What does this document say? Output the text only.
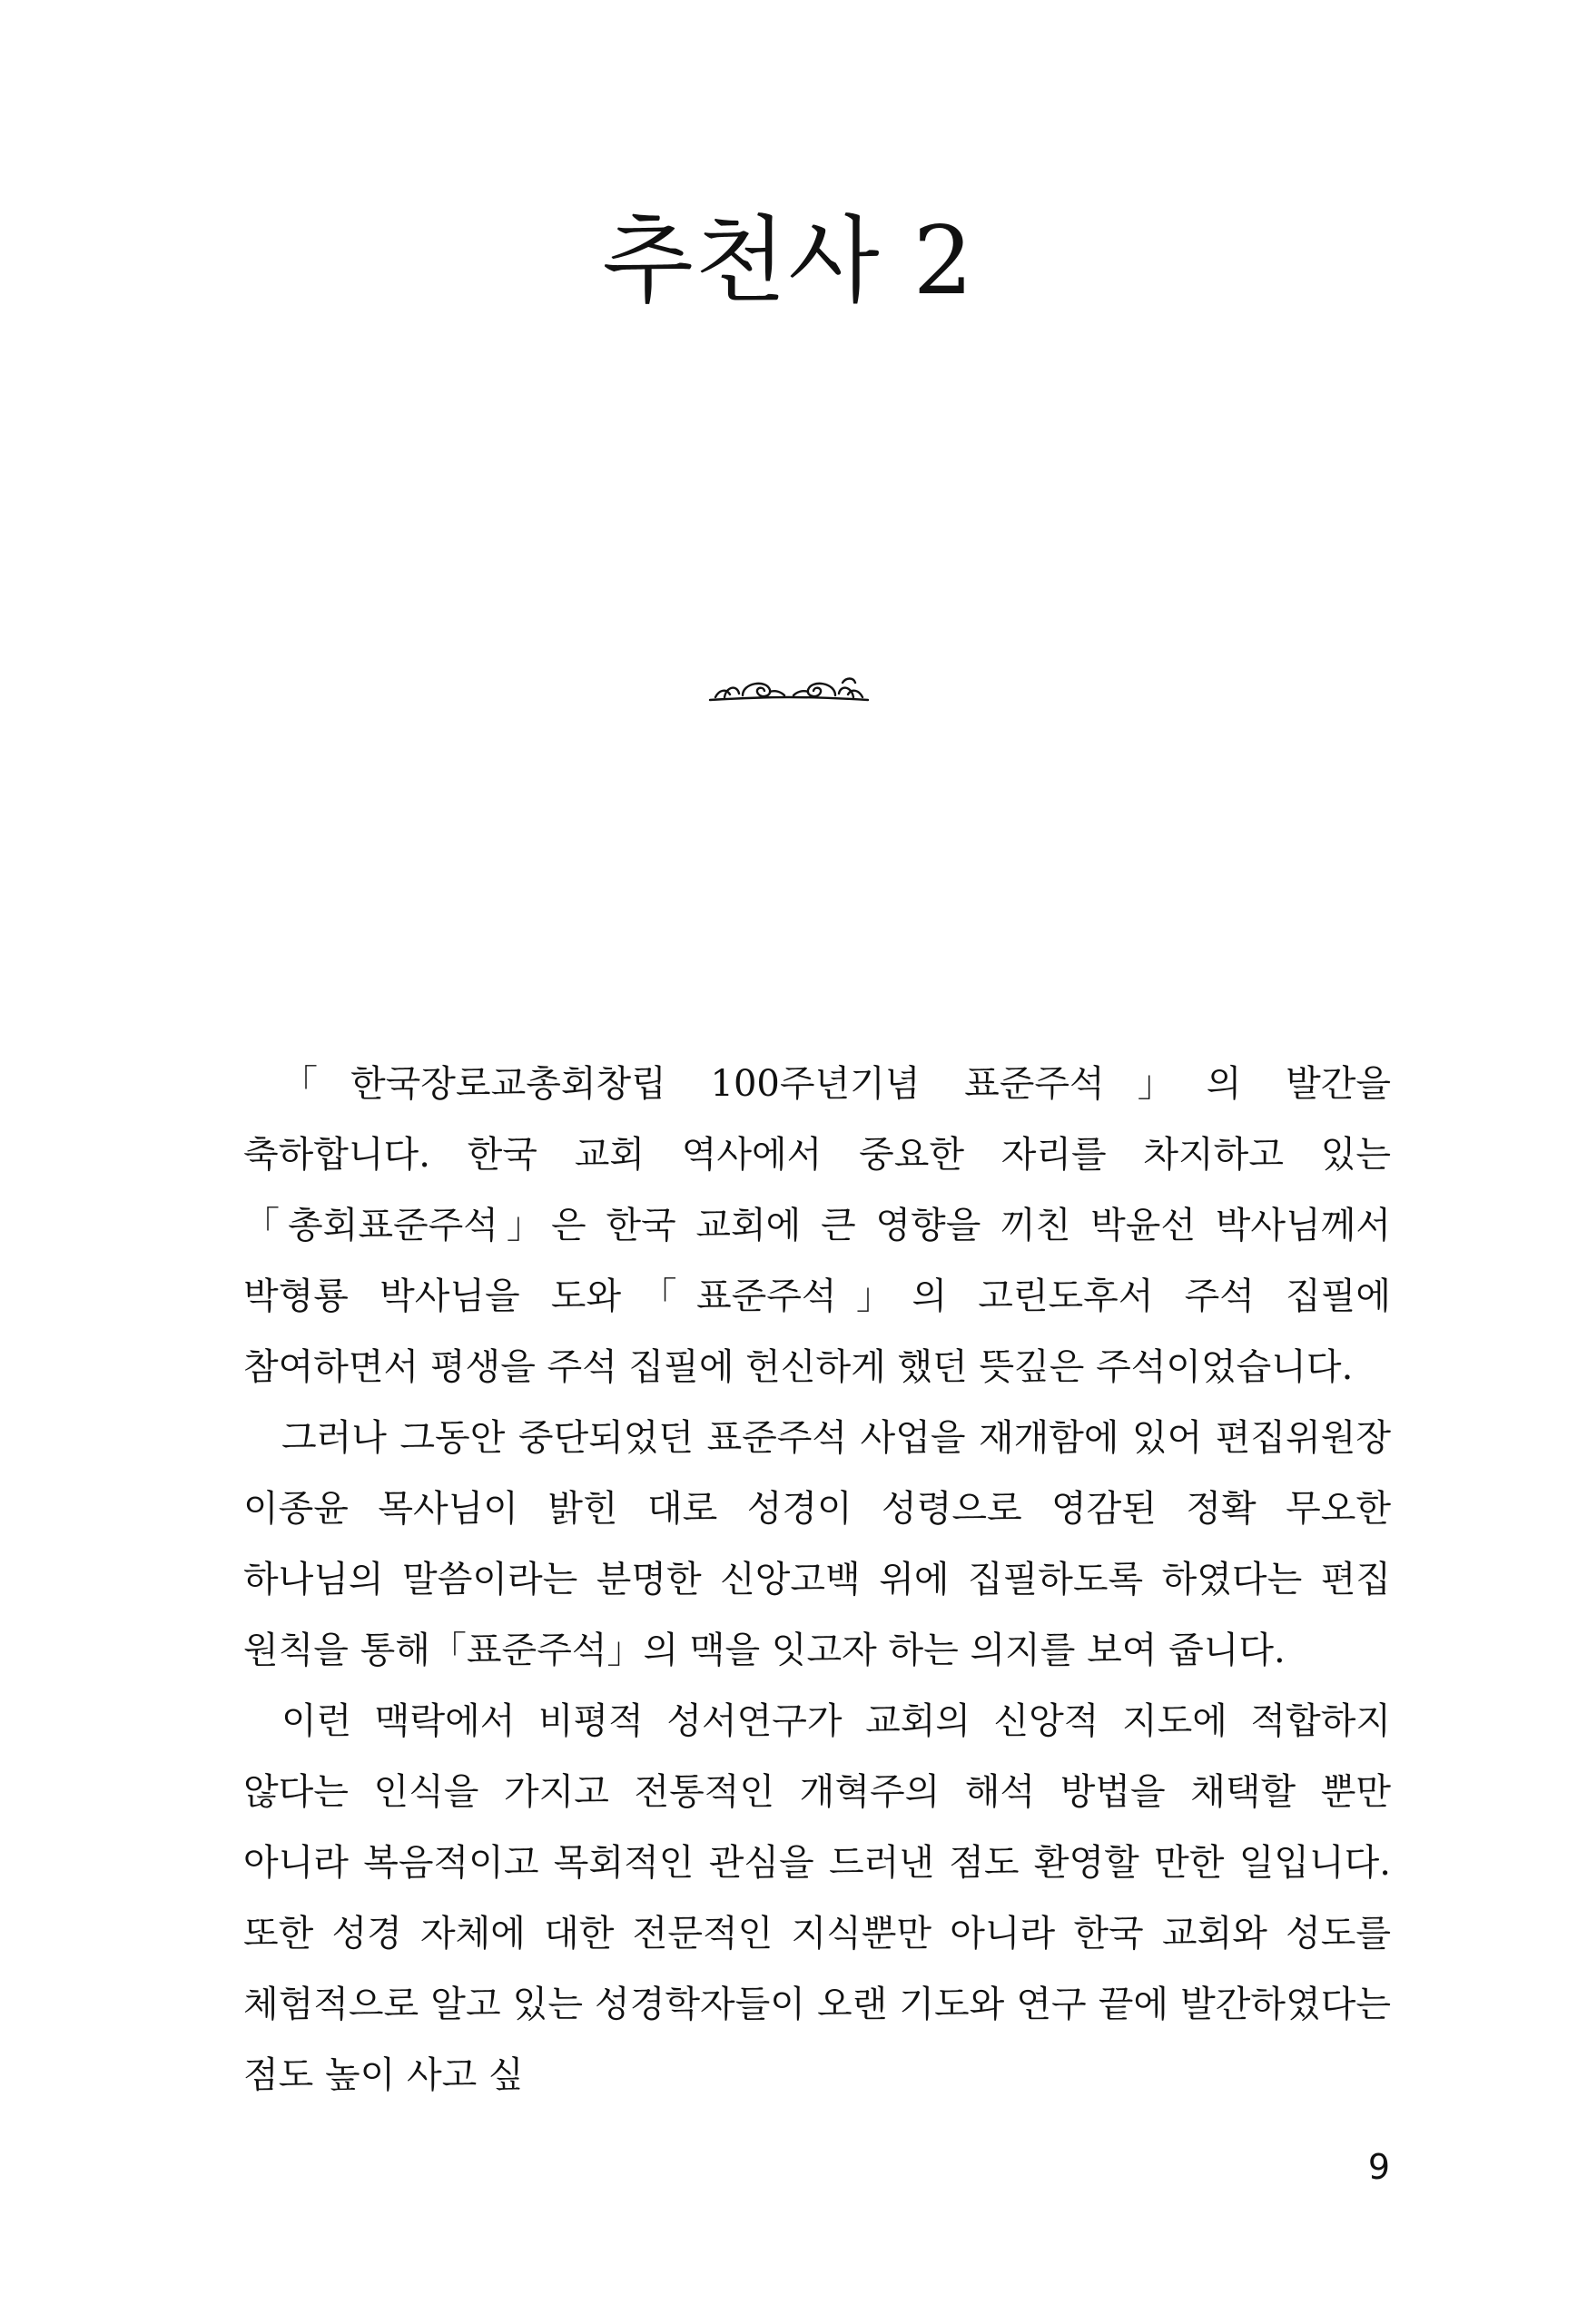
추천사 2

「한국장로교총회창립 100주년기념 표준주석」의 발간을 축하합니다. 한국 교회 역사에서 중요한 자리를 차지하고 있는「총회표준주석」은 한국 교회에 큰 영향을 끼친 박윤선 박사님께서 박형룡 박사님을 도와「표준주석」의 고린도후서 주석 집필에 참여하면서 평생을 주석 집필에 헌신하게 했던 뜻깊은 주석이었습니다.

그러나 그동안 중단되었던 표준주석 사업을 재개함에 있어 편집위원장 이종윤 목사님이 밝힌 대로 성경이 성령으로 영감된 정확 무오한 하나님의 말씀이라는 분명한 신앙고백 위에 집필하도록 하였다는 편집 원칙을 통해「표준주석」의 맥을 잇고자 하는 의지를 보여 줍니다.

이런 맥락에서 비평적 성서연구가 교회의 신앙적 지도에 적합하지 않다는 인식을 가지고 전통적인 개혁주의 해석 방법을 채택할 뿐만 아니라 복음적이고 목회적인 관심을 드러낸 점도 환영할 만한 일입니다. 또한 성경 자체에 대한 전문적인 지식뿐만 아니라 한국 교회와 성도를 체험적으로 알고 있는 성경학자들이 오랜 기도와 연구 끝에 발간하였다는 점도 높이 사고 싶

9
